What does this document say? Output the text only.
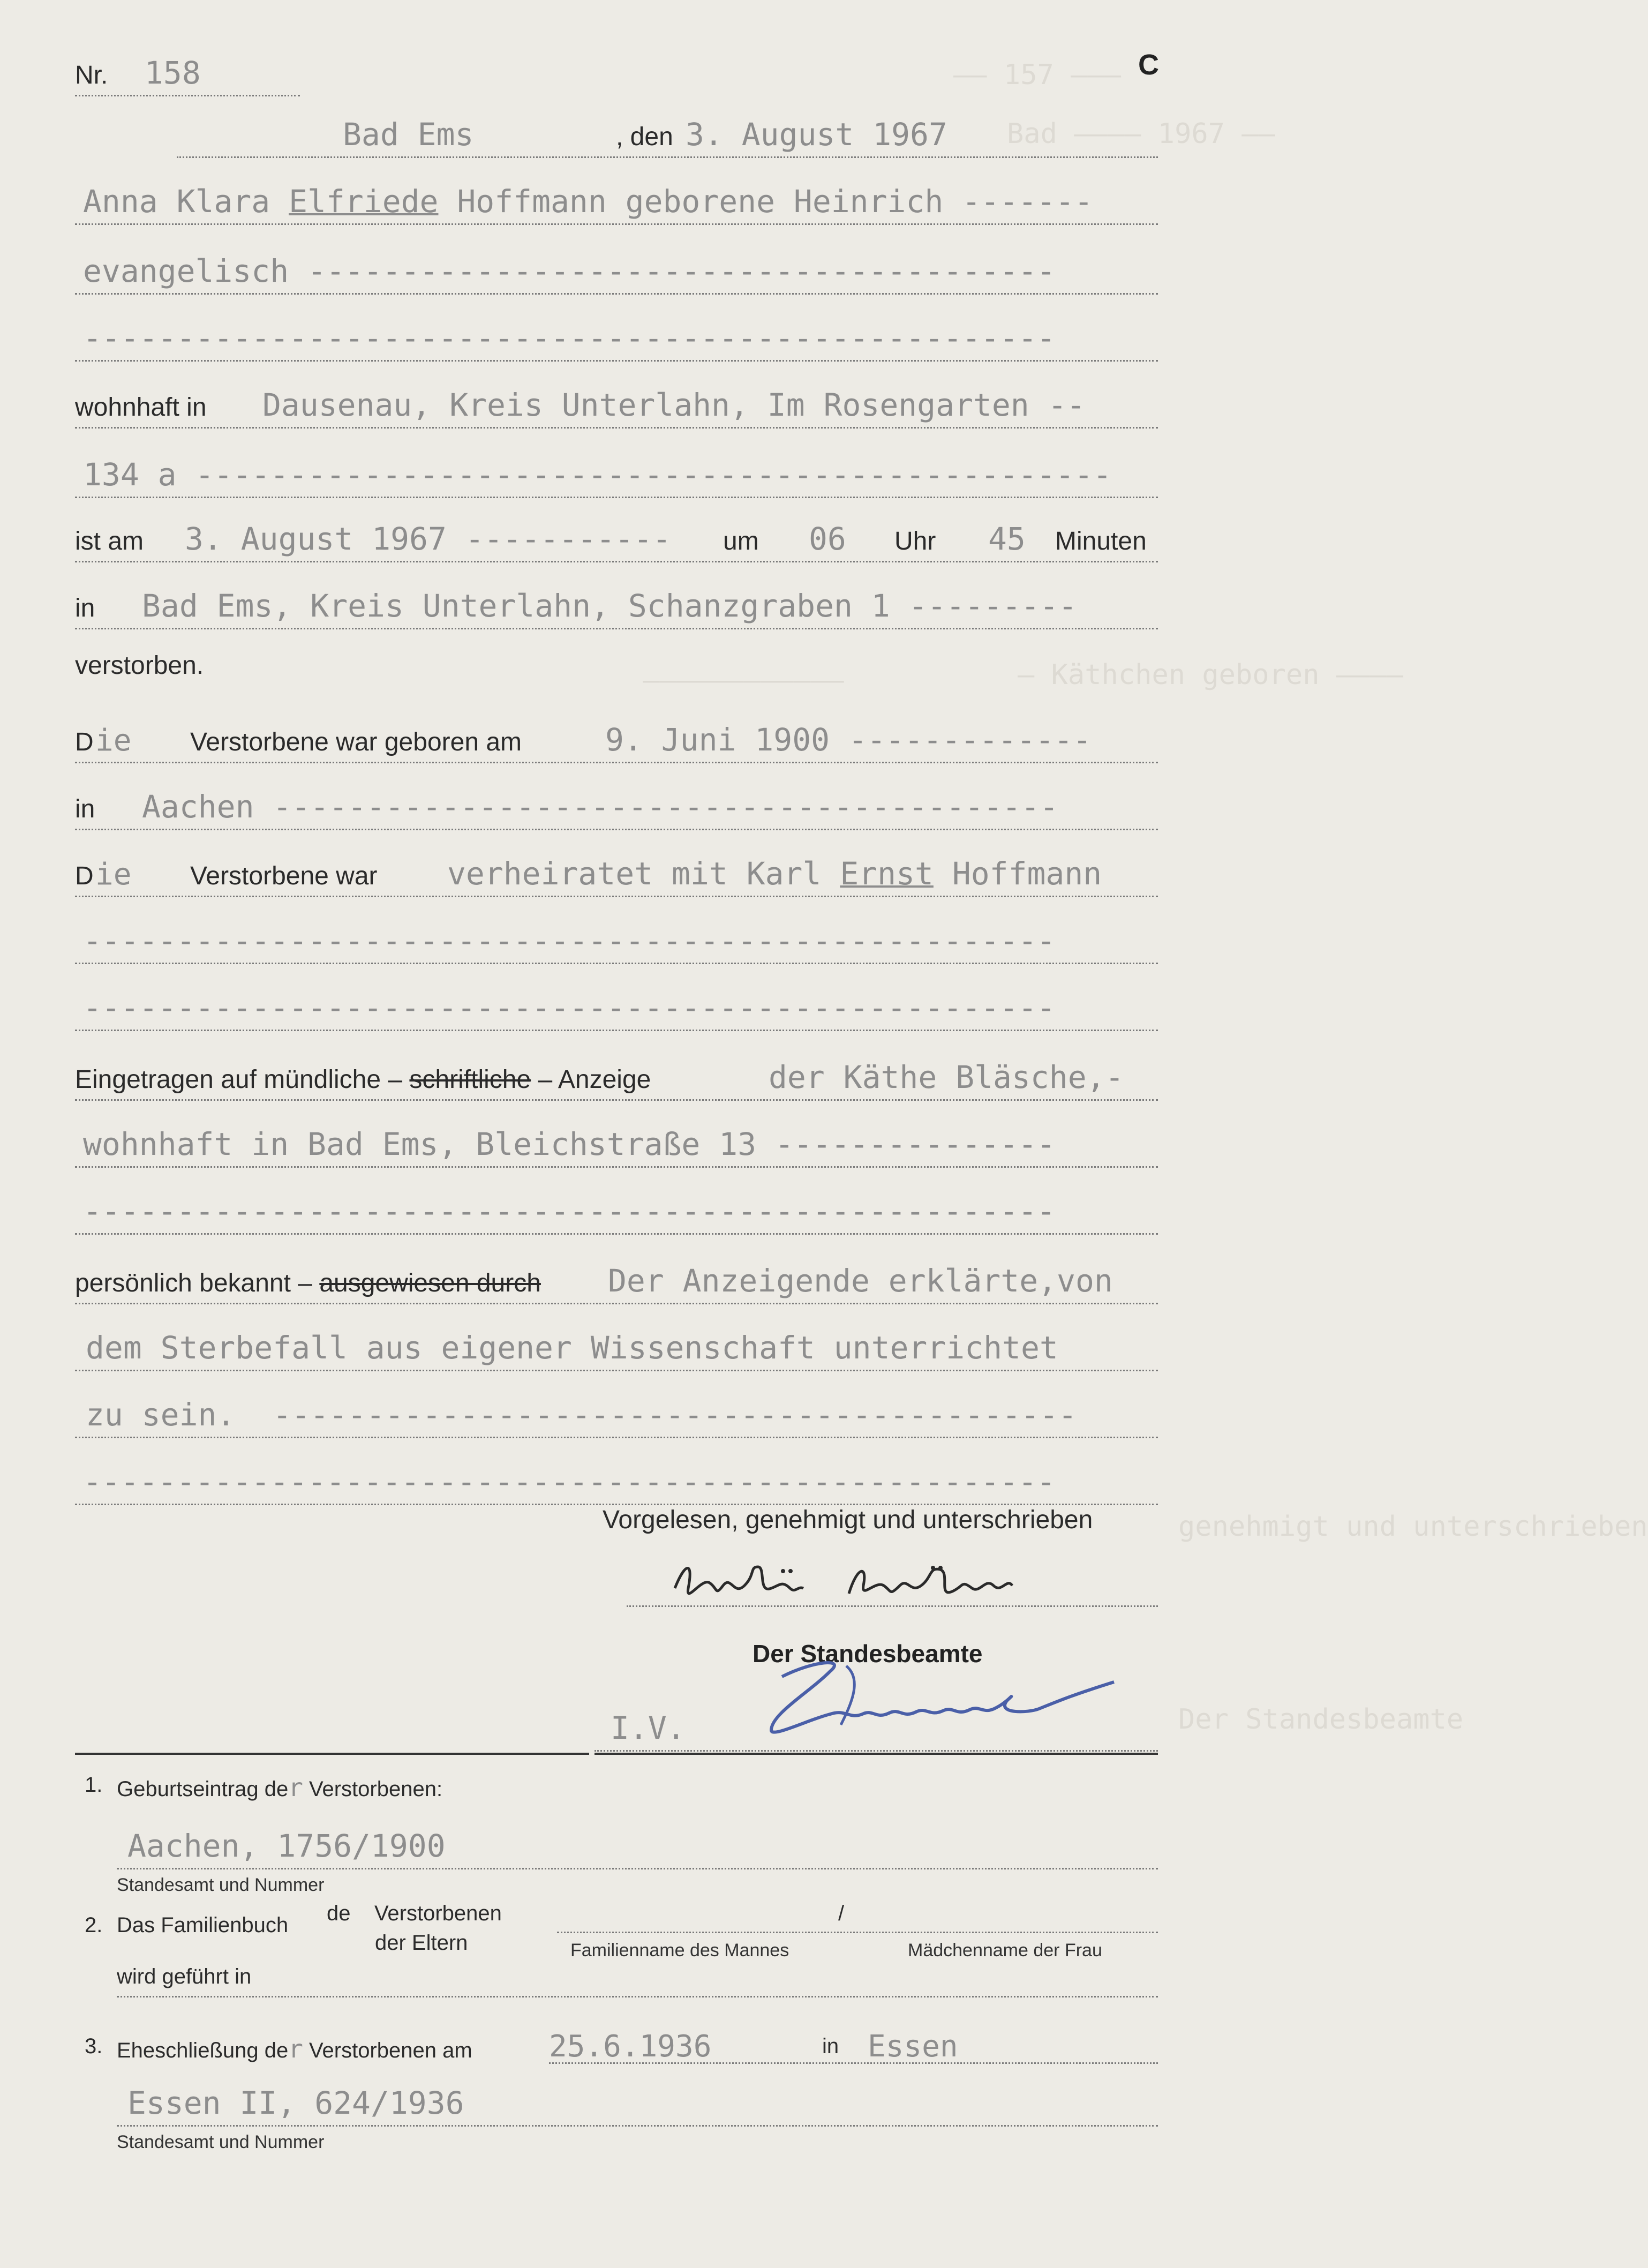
—— 157 ———
Bad ———— 1967 ——
— Käthchen geboren ————
————————————
genehmigt und unterschrieben
Der Standesbeamte
Nr. 158	C
Bad Ems	, den 3. August 1967
Anna Klara Elfriede Hoffmann geborene Heinrich -------
evangelisch ----------------------------------------
----------------------------------------------------
wohnhaft in Dausenau, Kreis Unterlahn, Im Rosengarten --
134 a -------------------------------------------------
ist am 3. August 1967 ----------- um 06 Uhr 45 Minuten
in Bad Ems, Kreis Unterlahn, Schanzgraben 1 ---------
verstorben.
D ie Verstorbene war geboren am	9. Juni 1900 -------------
in Aachen ------------------------------------------
D ie Verstorbene war verheiratet mit Karl Ernst Hoffmann
----------------------------------------------------
----------------------------------------------------
Eingetragen auf mündliche – schriftliche – Anzeige	der Käthe Bläsche,-
wohnhaft in Bad Ems, Bleichstraße 13 ---------------
----------------------------------------------------
persönlich bekannt – ausgewiesen durch Der Anzeigende erklärte,von
dem Sterbefall aus eigener Wissenschaft unterrichtet
zu sein.  -------------------------------------------
----------------------------------------------------
Vorgelesen, genehmigt und unterschrieben
Der Standesbeamte
I.V.
1. Geburtseintrag der Verstorbenen:
Aachen, 1756/1900
Standesamt und Nummer
2. Das Familienbuch de    Verstorbenen
der Eltern
/
Familienname des Mannes	Mädchenname der Frau
wird geführt in
3. Eheschließung der Verstorbenen am	25.6.1936	in Essen
Essen II, 624/1936
Standesamt und Nummer
